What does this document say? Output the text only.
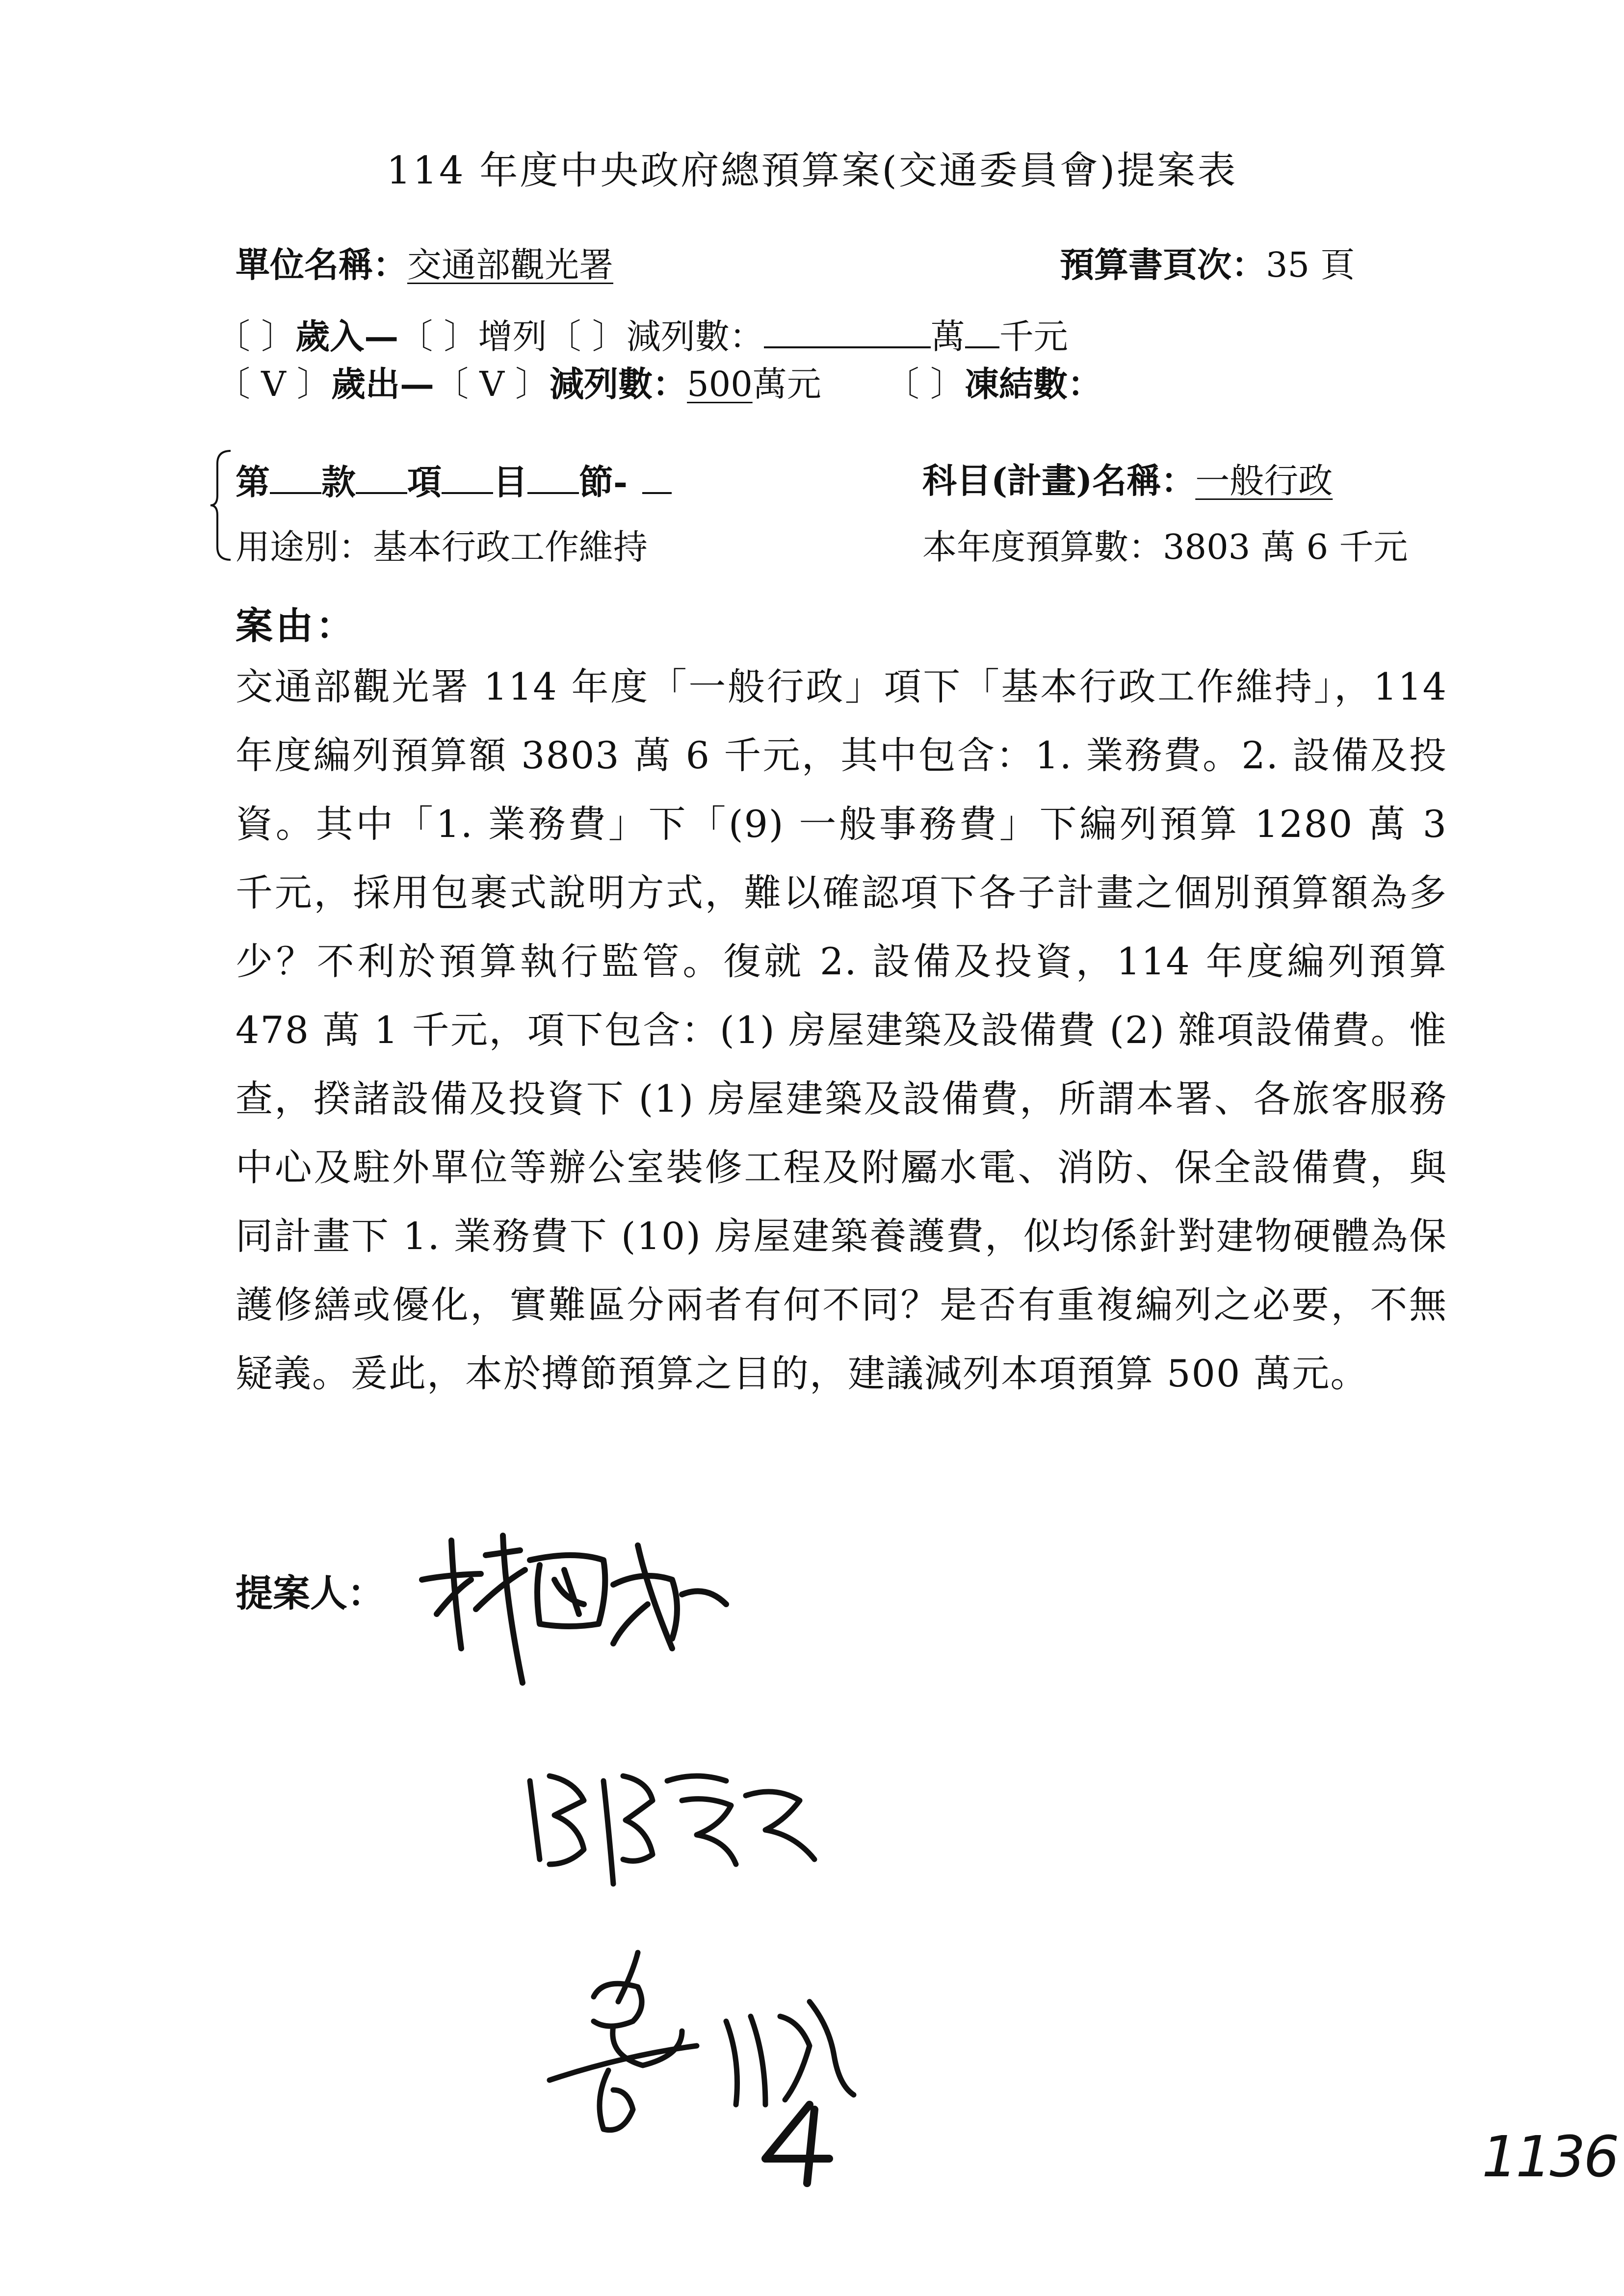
114 年度中央政府總預算案(交通委員會)提案表
單位名稱：交通部觀光署	預算書頁次：35 頁
〔 〕歲入—〔 〕增列〔 〕減列數：	萬 千元
〔 V 〕歲出—〔 V 〕減列數：500萬元 〔 〕凍結數：
第 款 項 目 節-	科目(計畫)名稱：一般行政
用途別：基本行政工作維持	本年度預算數：3803 萬 6 千元
案由：
交通部觀光署 114 年度「一般行政」項下「基本行政工作維持」，114 年度編列預算額 3803 萬 6 千元，其中包含：1. 業務費。2. 設備及投資。其中「1. 業務費」下「(9) 一般事務費」下編列預算 1280 萬 3 千元，採用包裹式說明方式，難以確認項下各子計畫之個別預算額為多少？不利於預算執行監管。復就 2. 設備及投資，114 年度編列預算 478 萬 1 千元，項下包含：(1) 房屋建築及設備費 (2) 雜項設備費。惟查，揆諸設備及投資下 (1) 房屋建築及設備費，所謂本署、各旅客服務中心及駐外單位等辦公室裝修工程及附屬水電、消防、保全設備費，與同計畫下 1. 業務費下 (10) 房屋建築養護費，似均係針對建物硬體為保護修繕或優化，實難區分兩者有何不同？是否有重複編列之必要，不無疑義。爰此，本於撙節預算之目的，建議減列本項預算 500 萬元。
提案人：
1136
